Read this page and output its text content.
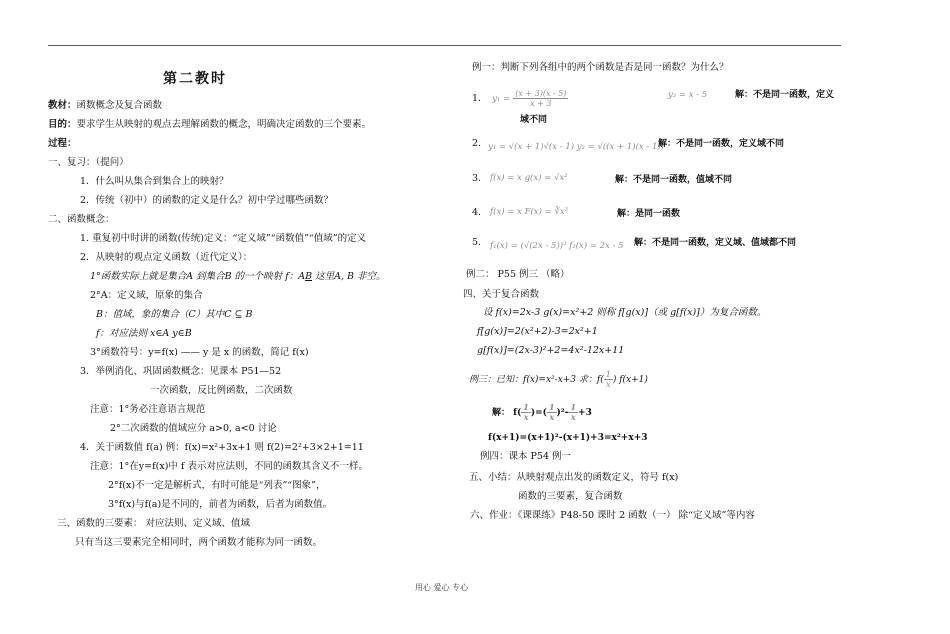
第二教时
教材：函数概念及复合函数
目的：要求学生从映射的观点去理解函数的概念，明确决定函数的三个要素。
过程：
一、复习：（提问）
1．什么叫从集合到集合上的映射？
2．传统（初中）的函数的定义是什么？初中学过哪些函数？
二、函数概念：
1. 重复初中时讲的函数(传统)定义：“定义域”“函数值”“值域”的定义
2．从映射的观点定义函数（近代定义）：
1°函数实际上就是集合A 到集合B 的一个映射 f：AB 这里A, B 非空。
2°A：定义域，原象的集合
B：值域，象的集合（C）其中C ⊆ B
f：对应法则 x∈A y∈B
3°函数符号：y=f(x) —— y 是 x 的函数，简记 f(x)
3．举例消化、巩固函数概念：见课本 P51—52
一次函数，反比例函数，二次函数
注意：1°务必注意语言规范
2°二次函数的值域应分 a>0, a<0 讨论
4．关于函数值 f(a) 例：f(x)=x²+3x+1 则 f(2)=2²+3×2+1=11
注意：1°在y=f(x)中 f 表示对应法则，不同的函数其含义不一样。
2°f(x)不一定是解析式，有时可能是“列表”“图象”，
3°f(x)与f(a)是不同的，前者为函数，后者为函数值。
三、函数的三要素： 对应法则、定义域、值域
只有当这三要素完全相同时，两个函数才能称为同一函数。
例一：判断下列各组中的两个函数是否是同一函数？为什么？
1. $y_1 = \frac{(x + 3)(x - 5)}{x + 3}$	y₂ = x - 5	解：不是同一函数，定义
域不同
2. y₁ = √(x + 1)√(x - 1) y₂ = √((x + 1)(x - 1))
解：不是同一函数，定义域不同
3. f(x) = x g(x) = √x²	解：不是同一函数，值域不同
4. f(x) = x F(x) = ∛x³	解：是同一函数
5. f₁(x) = (√(2x - 5))² f₂(x) = 2x - 5 解：不是同一函数，定义域、值域都不同
例二： P55 例三 （略）
四、关于复合函数
设 f(x)=2x-3 g(x)=x²+2 则称 f[g(x)]（或 g[f(x)]）为复合函数。
f[g(x)]=2(x²+2)-3=2x²+1
g[f(x)]=(2x-3)²+2=4x²-12x+11
例三：已知：f(x)=x²-x+3 求：$f( \frac{1}{x}$ ) f(x+1)
解： $f( \frac{1}{x}$ )=( $\frac{1}{x} )^2- \frac{1}{x} +3$
f(x+1)=(x+1)²-(x+1)+3=x²+x+3
例四：课本 P54 例一
五、小结：从映射观点出发的函数定义，符号 f(x)
函数的三要素，复合函数
六、作业：《课课练》P48-50 课时 2 函数（一） 除“定义域”等内容
用心 爱心 专心
